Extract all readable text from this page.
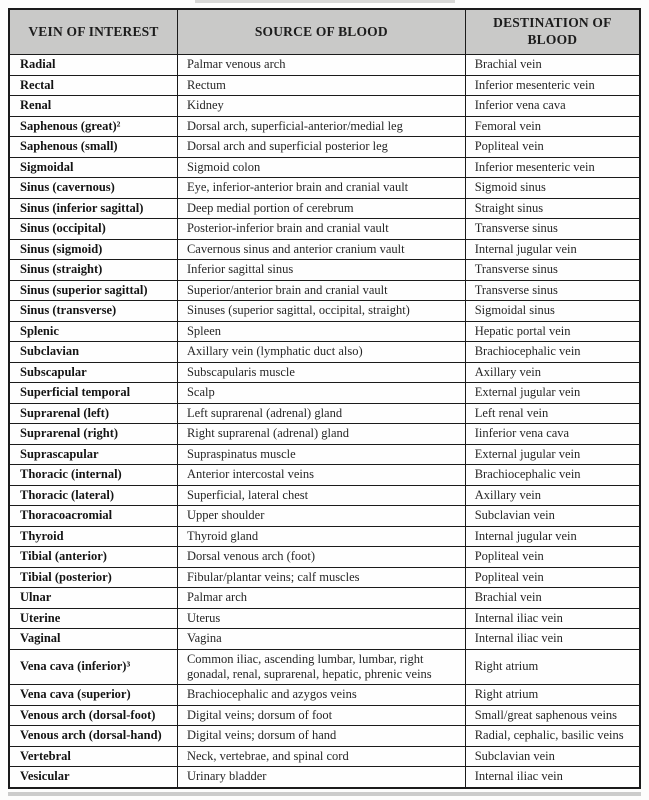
VEIN OF INTEREST	SOURCE OF BLOOD	DESTINATION OF BLOOD
Radial	Palmar venous arch	Brachial vein
Rectal	Rectum	Inferior mesenteric vein
Renal	Kidney	Inferior vena cava
Saphenous (great)²	Dorsal arch, superficial-anterior/medial leg	Femoral vein
Saphenous (small)	Dorsal arch and superficial posterior leg	Popliteal vein
Sigmoidal	Sigmoid colon	Inferior mesenteric vein
Sinus (cavernous)	Eye, inferior-anterior brain and cranial vault	Sigmoid sinus
Sinus (inferior sagittal)	Deep medial portion of cerebrum	Straight sinus
Sinus (occipital)	Posterior-inferior brain and cranial vault	Transverse sinus
Sinus (sigmoid)	Cavernous sinus and anterior cranium vault	Internal jugular vein
Sinus (straight)	Inferior sagittal sinus	Transverse sinus
Sinus (superior sagittal)	Superior/anterior brain and cranial vault	Transverse sinus
Sinus (transverse)	Sinuses (superior sagittal, occipital, straight)	Sigmoidal sinus
Splenic	Spleen	Hepatic portal vein
Subclavian	Axillary vein (lymphatic duct also)	Brachiocephalic vein
Subscapular	Subscapularis muscle	Axillary vein
Superficial temporal	Scalp	External jugular vein
Suprarenal (left)	Left suprarenal (adrenal) gland	Left renal vein
Suprarenal (right)	Right suprarenal (adrenal) gland	Iinferior vena cava
Suprascapular	Supraspinatus muscle	External jugular vein
Thoracic (internal)	Anterior intercostal veins	Brachiocephalic vein
Thoracic (lateral)	Superficial, lateral chest	Axillary vein
Thoracoacromial	Upper shoulder	Subclavian vein
Thyroid	Thyroid gland	Internal jugular vein
Tibial (anterior)	Dorsal venous arch (foot)	Popliteal vein
Tibial (posterior)	Fibular/plantar veins; calf muscles	Popliteal vein
Ulnar	Palmar arch	Brachial vein
Uterine	Uterus	Internal iliac vein
Vaginal	Vagina	Internal iliac vein
Vena cava (inferior)³	Common iliac, ascending lumbar, lumbar, right gonadal, renal, suprarenal, hepatic, phrenic veins	Right atrium
Vena cava (superior)	Brachiocephalic and azygos veins	Right atrium
Venous arch (dorsal-foot)	Digital veins; dorsum of foot	Small/great saphenous veins
Venous arch (dorsal-hand)	Digital veins; dorsum of hand	Radial, cephalic, basilic veins
Vertebral	Neck, vertebrae, and spinal cord	Subclavian vein
Vesicular	Urinary bladder	Internal iliac vein
